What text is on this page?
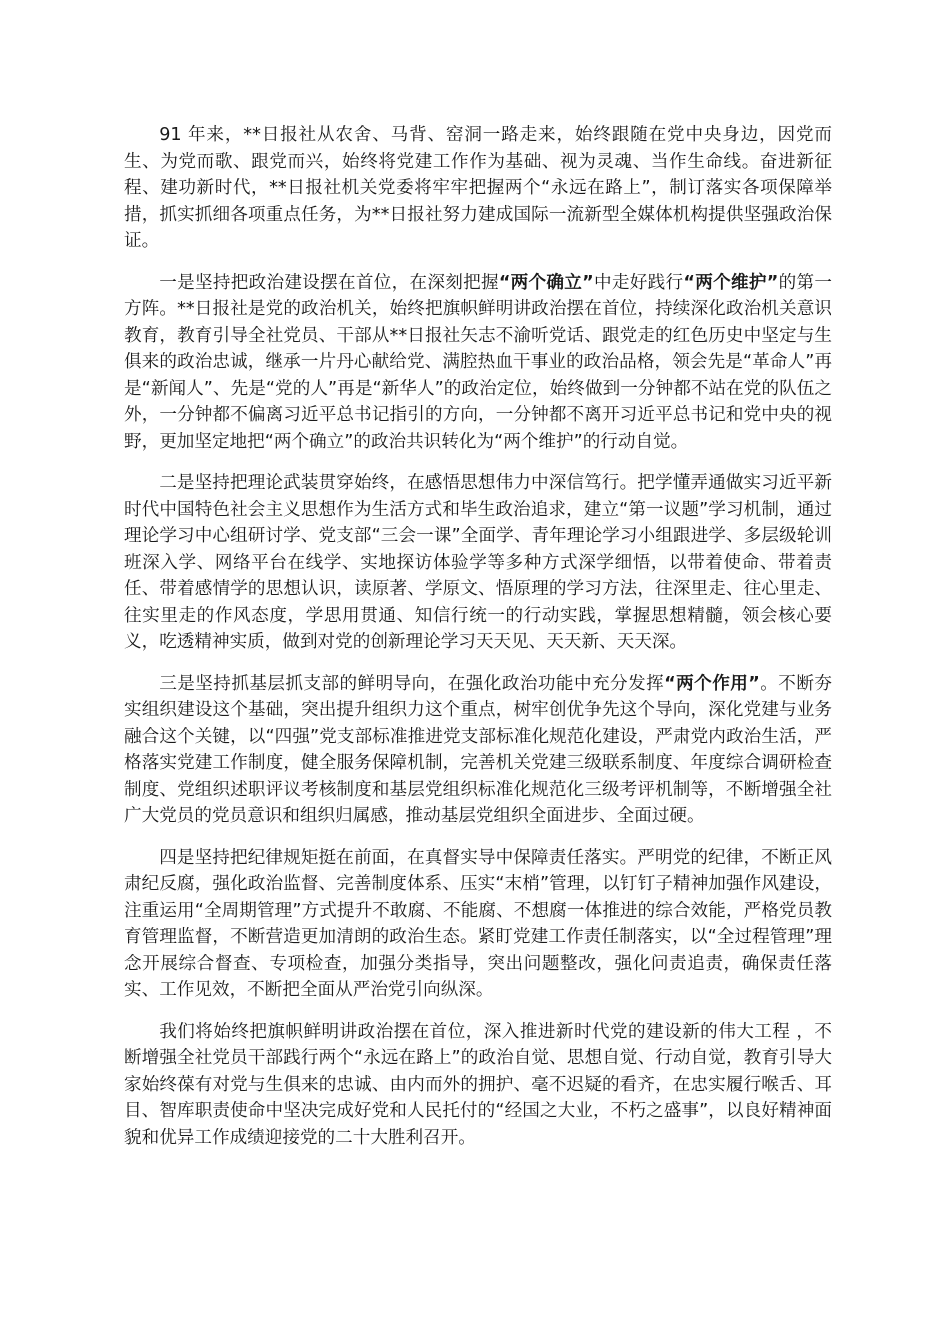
91 年来，**日报社从农舍、马背、窑洞一路走来，始终跟随在党中央身边，因党而生、为党而歌、跟党而兴，始终将党建工作作为基础、视为灵魂、当作生命线。奋进新征程、建功新时代，**日报社机关党委将牢牢把握两个“永远在路上”，制订落实各项保障举措，抓实抓细各项重点任务，为**日报社努力建成国际一流新型全媒体机构提供坚强政治保证。

一是坚持把政治建设摆在首位，在深刻把握“两个确立”中走好践行“两个维护”的第一方阵。**日报社是党的政治机关，始终把旗帜鲜明讲政治摆在首位，持续深化政治机关意识教育，教育引导全社党员、干部从**日报社矢志不渝听党话、跟党走的红色历史中坚定与生俱来的政治忠诚，继承一片丹心献给党、满腔热血干事业的政治品格，领会先是“革命人”再是“新闻人”、先是“党的人”再是“新华人”的政治定位，始终做到一分钟都不站在党的队伍之外，一分钟都不偏离习近平总书记指引的方向，一分钟都不离开习近平总书记和党中央的视野，更加坚定地把“两个确立”的政治共识转化为“两个维护”的行动自觉。

二是坚持把理论武装贯穿始终，在感悟思想伟力中深信笃行。把学懂弄通做实习近平新时代中国特色社会主义思想作为生活方式和毕生政治追求，建立“第一议题”学习机制，通过理论学习中心组研讨学、党支部“三会一课”全面学、青年理论学习小组跟进学、多层级轮训班深入学、网络平台在线学、实地探访体验学等多种方式深学细悟，以带着使命、带着责任、带着感情学的思想认识，读原著、学原文、悟原理的学习方法，往深里走、往心里走、往实里走的作风态度，学思用贯通、知信行统一的行动实践，掌握思想精髓，领会核心要义，吃透精神实质，做到对党的创新理论学习天天见、天天新、天天深。

三是坚持抓基层抓支部的鲜明导向，在强化政治功能中充分发挥“两个作用”。不断夯实组织建设这个基础，突出提升组织力这个重点，树牢创优争先这个导向，深化党建与业务融合这个关键，以“四强”党支部标准推进党支部标准化规范化建设，严肃党内政治生活，严格落实党建工作制度，健全服务保障机制，完善机关党建三级联系制度、年度综合调研检查制度、党组织述职评议考核制度和基层党组织标准化规范化三级考评机制等，不断增强全社广大党员的党员意识和组织归属感，推动基层党组织全面进步、全面过硬。

四是坚持把纪律规矩挺在前面，在真督实导中保障责任落实。严明党的纪律，不断正风肃纪反腐，强化政治监督、完善制度体系、压实“末梢”管理，以钉钉子精神加强作风建设，注重运用“全周期管理”方式提升不敢腐、不能腐、不想腐一体推进的综合效能，严格党员教育管理监督，不断营造更加清朗的政治生态。紧盯党建工作责任制落实，以“全过程管理”理念开展综合督查、专项检查，加强分类指导，突出问题整改，强化问责追责，确保责任落实、工作见效，不断把全面从严治党引向纵深。

我们将始终把旗帜鲜明讲政治摆在首位，深入推进新时代党的建设新的伟大工程 ，不断增强全社党员干部践行两个“永远在路上”的政治自觉、思想自觉、行动自觉，教育引导大家始终葆有对党与生俱来的忠诚、由内而外的拥护、毫不迟疑的看齐，在忠实履行喉舌、耳目、智库职责使命中坚决完成好党和人民托付的“经国之大业，不朽之盛事”，以良好精神面貌和优异工作成绩迎接党的二十大胜利召开。
